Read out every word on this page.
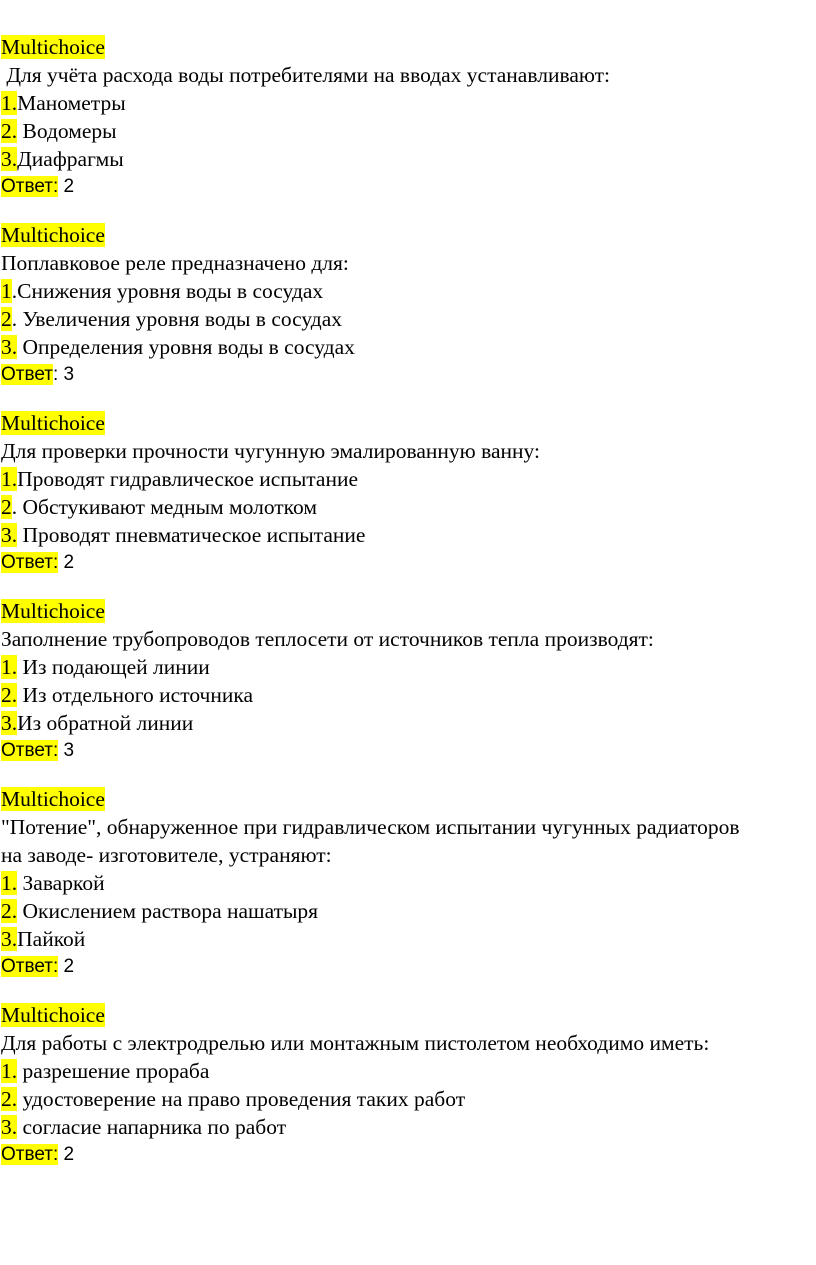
Multichoice
Для учёта расхода воды потребителями на вводах устанавливают:
1.Манометры
2. Водомеры
3.Диафрагмы
Ответ: 2
Multichoice
Поплавковое реле предназначено для:
1.Снижения уровня воды в сосудах
2. Увеличения уровня воды в сосудах
3. Определения уровня воды в сосудах
Ответ: 3
Multichoice
Для проверки прочности чугунную эмалированную ванну:
1.Проводят гидравлическое испытание
2. Обстукивают медным молотком
3. Проводят пневматическое испытание
Ответ: 2
Multichoice
Заполнение трубопроводов теплосети от источников тепла производят:
1. Из подающей линии
2. Из отдельного источника
3.Из обратной линии
Ответ: 3
Multichoice
"Потение", обнаруженное при гидравлическом испытании чугунных радиаторов на заводе- изготовителе, устраняют:
1. Заваркой
2. Окислением раствора нашатыря
3.Пайкой
Ответ: 2
Multichoice
Для работы с электродрелью или монтажным пистолетом необходимо иметь:
1. разрешение прораба
2. удостоверение на право проведения таких работ
3. согласие напарника по работ
Ответ: 2
